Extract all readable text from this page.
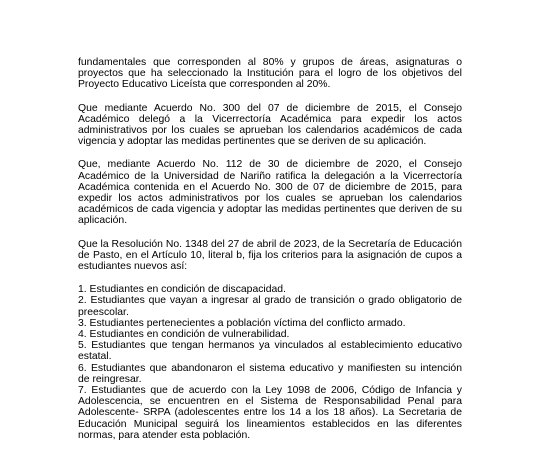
fundamentales que corresponden al 80% y grupos de áreas, asignaturas o proyectos que ha seleccionado la Institución para el logro de los objetivos del Proyecto Educativo Liceísta que corresponden al 20%.

Que mediante Acuerdo No. 300 del 07 de diciembre de 2015, el Consejo Académico delegó a la Vicerrectoría Académica para expedir los actos administrativos por los cuales se aprueban los calendarios académicos de cada vigencia y adoptar las medidas pertinentes que se deriven de su aplicación.

Que, mediante Acuerdo No. 112 de 30 de diciembre de 2020, el Consejo Académico de la Universidad de Nariño ratifica la delegación a la Vicerrectoría Académica contenida en el Acuerdo No. 300 de 07 de diciembre de 2015, para expedir los actos administrativos por los cuales se aprueban los calendarios académicos de cada vigencia y adoptar las medidas pertinentes que deriven de su aplicación.

Que la Resolución No. 1348 del 27 de abril de 2023, de la Secretaría de Educación de Pasto, en el Artículo 10, literal b, fija los criterios para la asignación de cupos a estudiantes nuevos así:

1. Estudiantes en condición de discapacidad.
2. Estudiantes que vayan a ingresar al grado de transición o grado obligatorio de preescolar.
3. Estudiantes pertenecientes a población víctima del conflicto armado.
4. Estudiantes en condición de vulnerabilidad.
5. Estudiantes que tengan hermanos ya vinculados al establecimiento educativo estatal.
6. Estudiantes que abandonaron el sistema educativo y manifiesten su intención de reingresar.
7. Estudiantes que de acuerdo con la Ley 1098 de 2006, Código de Infancia y Adolescencia, se encuentren en el Sistema de Responsabilidad Penal para Adolescente- SRPA (adolescentes entre los 14 a los 18 años). La Secretaria de Educación Municipal seguirá los lineamientos establecidos en las diferentes normas, para atender esta población.
